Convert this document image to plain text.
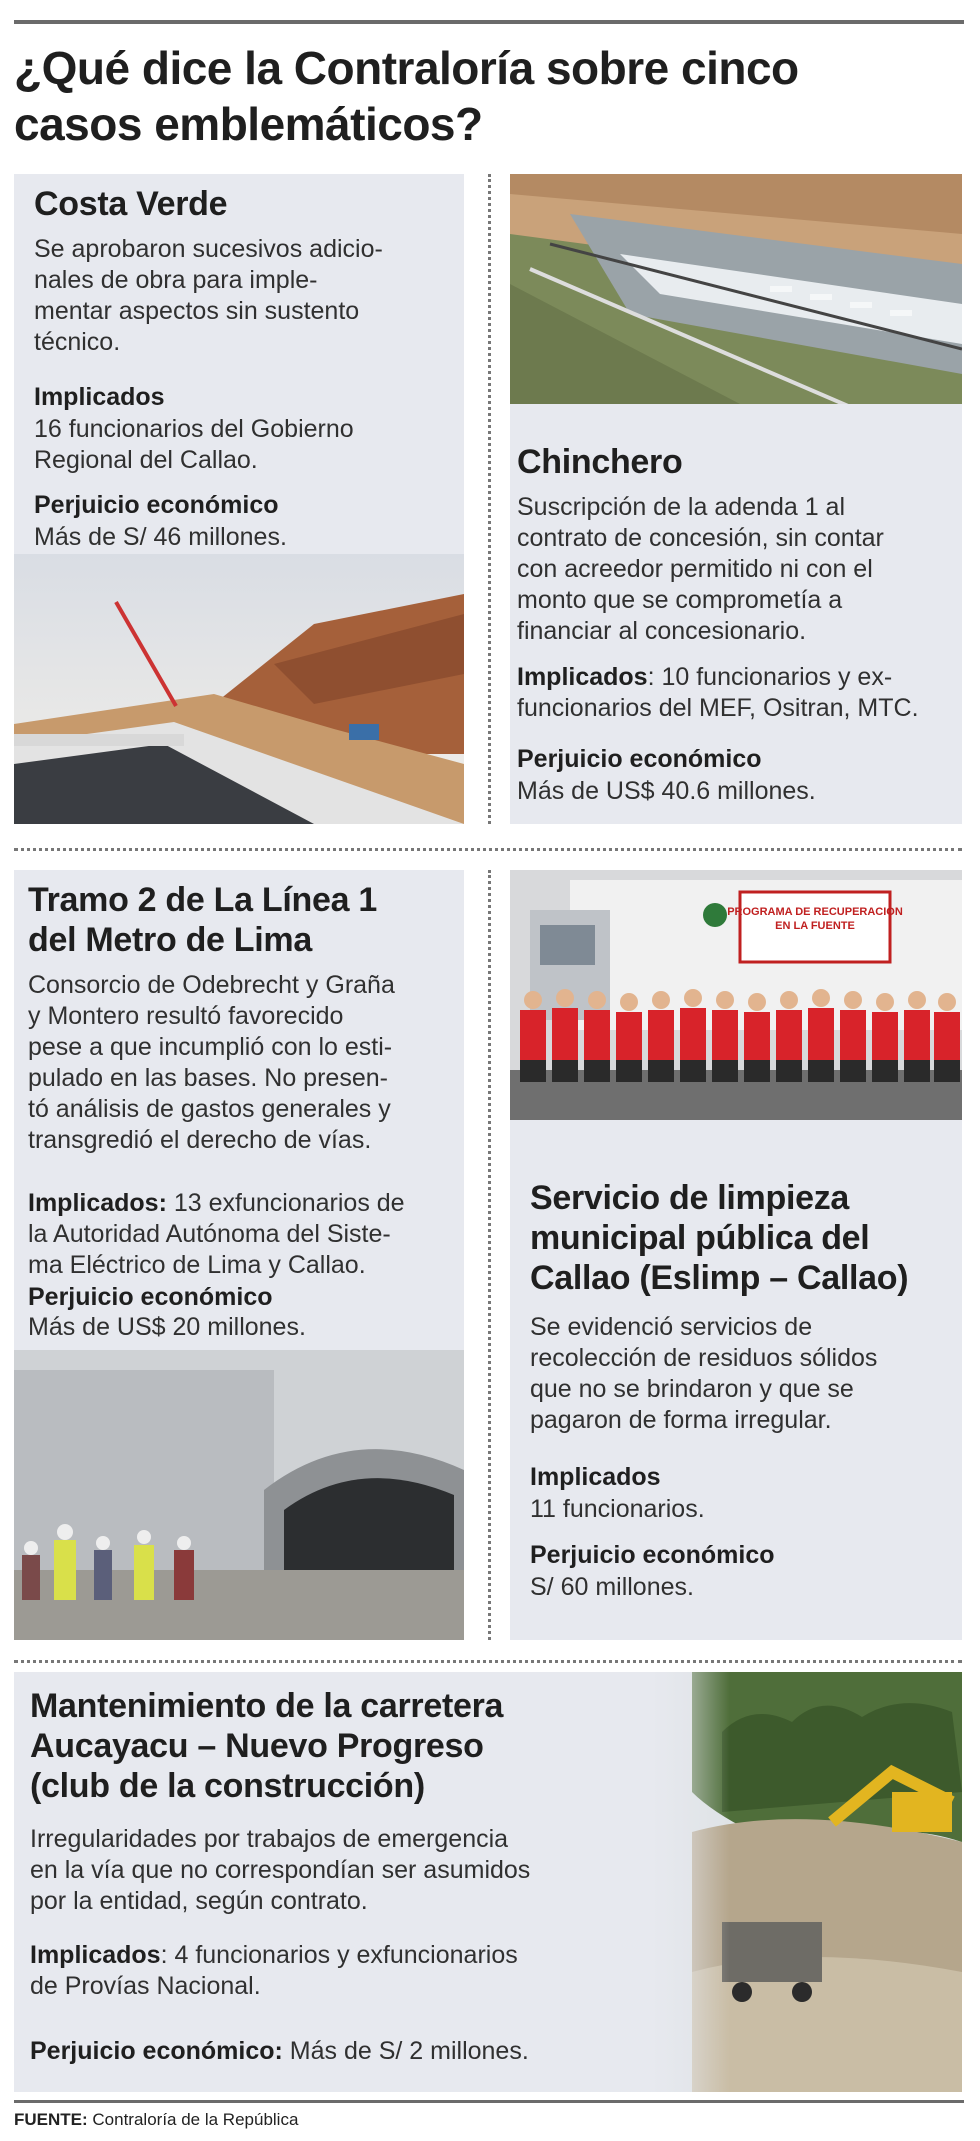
¿Qué dice la Contraloría sobre cinco
casos emblemáticos?
Costa Verde
Se aprobaron sucesivos adicio-
nales de obra para imple-
mentar aspectos sin sustento
técnico.
Implicados
16 funcionarios del Gobierno
Regional del Callao.
Perjuicio económico
Más de S/ 46 millones.
Chinchero
Suscripción de la adenda 1 al
contrato de concesión, sin contar
con acreedor permitido ni con el
monto que se comprometía a
financiar al concesionario.
Implicados: 10 funcionarios y ex-
funcionarios del MEF, Ositran, MTC.
Perjuicio económico
Más de US$ 40.6 millones.
Tramo 2 de La Línea 1
del Metro de Lima
Consorcio de Odebrecht y Graña
y Montero resultó favorecido
pese a que incumplió con lo esti-
pulado en las bases. No presen-
tó análisis de gastos generales y
transgredió el derecho de vías.
Implicados: 13 exfuncionarios de
la Autoridad Autónoma del Siste-
ma Eléctrico de Lima y Callao.
Perjuicio económico
Más de US$ 20 millones.
PROGRAMA DE RECUPERACION EN LA FUENTE
Servicio de limpieza
municipal pública del
Callao (Eslimp – Callao)
Se evidenció servicios de
recolección de residuos sólidos
que no se brindaron y que se
pagaron de forma irregular.
Implicados
11 funcionarios.
Perjuicio económico
S/ 60 millones.
Mantenimiento de la carretera
Aucayacu – Nuevo Progreso
(club de la construcción)
Irregularidades por trabajos de emergencia
en la vía que no correspondían ser asumidos
por la entidad, según contrato.
Implicados: 4 funcionarios y exfuncionarios
de Provías Nacional.
Perjuicio económico: Más de S/ 2 millones.
FUENTE: Contraloría de la República
